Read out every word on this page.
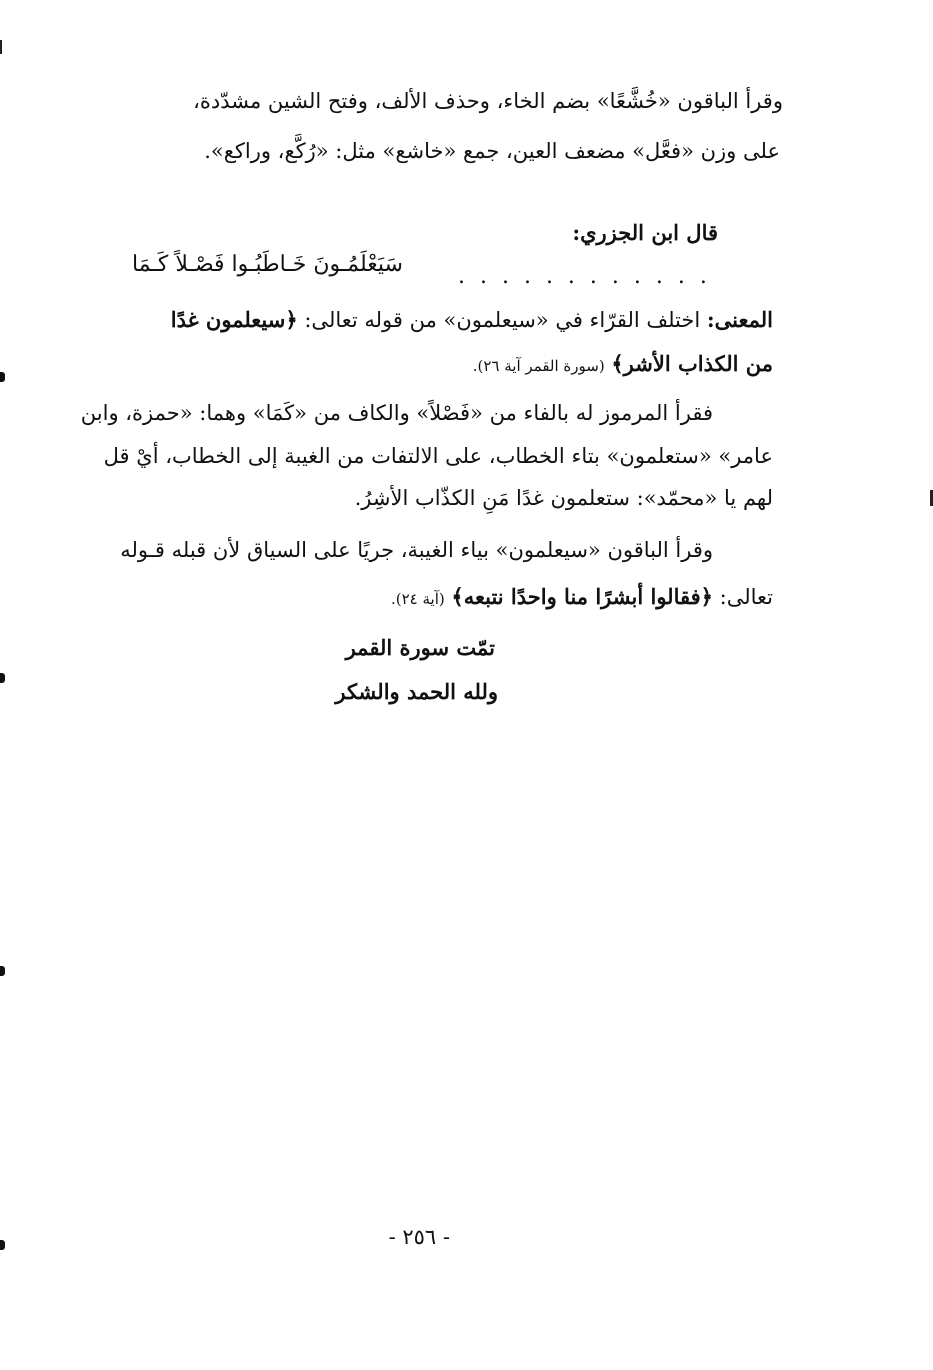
وقرأ الباقون «خُشَّعًا» بضم الخاء، وحذف الألف، وفتح الشين مشدّدة،
على وزن «فعَّل» مضعف العين، جمع «خاشع» مثل: «رُكَّع، وراكع».
قال ابن الجزري:
سَيَعْلَمُـونَ خَـاطَبُـوا فَصْـلاً كَـمَا	. . . . . . . . . . . .
المعنى: اختلف القرّاء في «سيعلمون» من قوله تعالى: ﴿سيعلمون غدًا
من الكذاب الأشر﴾ (سورة القمر آية ٢٦).
فقرأ المرموز له بالفاء من «فَصْلاً» والكاف من «كَمَا» وهما: «حمزة، وابن
عامر» «ستعلمون» بتاء الخطاب، على الالتفات من الغيبة إلى الخطاب، أيْ قل
لهم يا «محمّد»: ستعلمون غدًا مَنِ الكذّاب الأشِرُ.
وقرأ الباقون «سيعلمون» بياء الغيبة، جريًا على السياق لأن قبله قـوله
تعالى: ﴿فقالوا أبشرًا منا واحدًا نتبعه﴾ (آية ٢٤).
تمّت سورة القمر
ولله الحمد والشكر
- ٢٥٦ -
